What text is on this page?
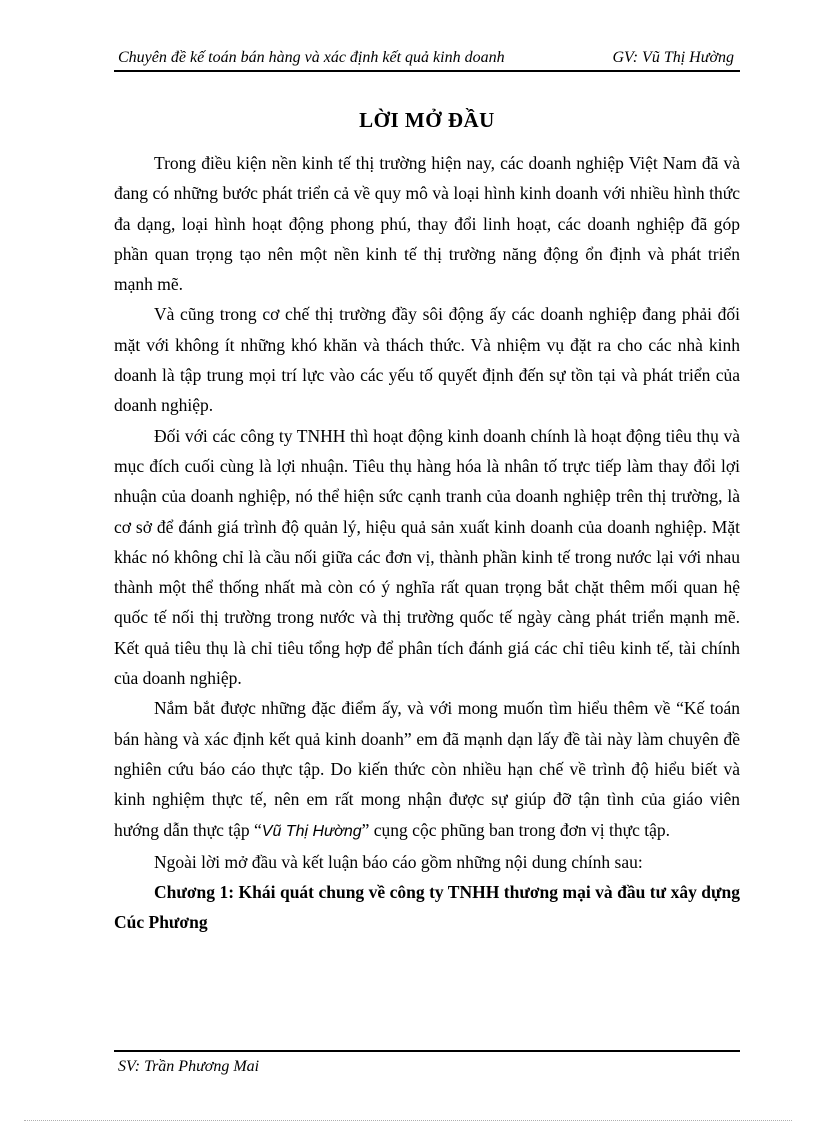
Chuyên đề kế toán bán hàng và xác định kết quả kinh doanh	GV: Vũ Thị Hường
LỜI MỞ ĐẦU

Trong điều kiện nền kinh tế thị trường hiện nay, các doanh nghiệp Việt Nam đã và đang có những bước phát triển cả về quy mô và loại hình kinh doanh với nhiều hình thức đa dạng, loại hình hoạt động phong phú, thay đổi linh hoạt, các doanh nghiệp đã góp phần quan trọng tạo nên một nền kinh tế thị trường năng động ổn định và phát triển mạnh mẽ.

Và cũng trong cơ chế thị trường đầy sôi động ấy các doanh nghiệp đang phải đối mặt với không ít những khó khăn và thách thức. Và nhiệm vụ đặt ra cho các nhà kinh doanh là tập trung mọi trí lực vào các yếu tố quyết định đến sự tồn tại và phát triển của doanh nghiệp.

Đối với các công ty TNHH thì hoạt động kinh doanh chính là hoạt động tiêu thụ và mục đích cuối cùng là lợi nhuận. Tiêu thụ hàng hóa là nhân tố trực tiếp làm thay đổi lợi nhuận của doanh nghiệp, nó thể hiện sức cạnh tranh của doanh nghiệp trên thị trường, là cơ sở để đánh giá trình độ quản lý, hiệu quả sản xuất kinh doanh của doanh nghiệp. Mặt khác nó không chỉ là cầu nối giữa các đơn vị, thành phần kinh tế trong nước lại với nhau thành một thể thống nhất mà còn có ý nghĩa rất quan trọng bắt chặt thêm mối quan hệ quốc tế nối thị trường trong nước và thị trường quốc tế ngày càng phát triển mạnh mẽ. Kết quả tiêu thụ là chỉ tiêu tổng hợp để phân tích đánh giá các chỉ tiêu kinh tế, tài chính của doanh nghiệp.

Nắm bắt được những đặc điểm ấy, và với mong muốn tìm hiểu thêm về “Kế toán bán hàng và xác định kết quả kinh doanh” em đã mạnh dạn lấy đề tài này làm chuyên đề nghiên cứu báo cáo thực tập. Do kiến thức còn nhiều hạn chế về trình độ hiểu biết và kinh nghiệm thực tế, nên em rất mong nhận được sự giúp đỡ tận tình của giáo viên hướng dẫn thực tập “Vũ Thị Hường” cụng cộc phũng ban trong đơn vị thực tập.

Ngoài lời mở đầu và kết luận báo cáo gồm những nội dung chính sau:

Chương 1: Khái quát chung về công ty TNHH thương mại và đầu tư xây dựng Cúc Phương

SV: Trần Phương Mai
